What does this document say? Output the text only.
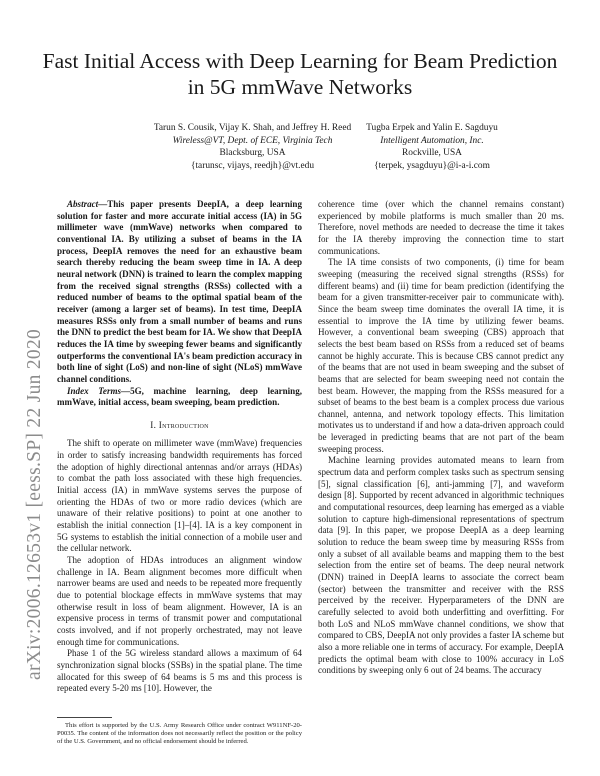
Fast Initial Access with Deep Learning for Beam Prediction in 5G mmWave Networks
Tarun S. Cousik, Vijay K. Shah, and Jeffrey H. Reed
Wireless@VT, Dept. of ECE, Virginia Tech
Blacksburg, USA
{tarunsc, vijays, reedjh}@vt.edu
Tugba Erpek and Yalin E. Sagduyu
Intelligent Automation, Inc.
Rockville, USA
{terpek, ysagduyu}@i-a-i.com
arXiv:2006.12653v1 [eess.SP] 22 Jun 2020

Abstract—This paper presents DeepIA, a deep learning solution for faster and more accurate initial access (IA) in 5G millimeter wave (mmWave) networks when compared to conventional IA. By utilizing a subset of beams in the IA process, DeepIA removes the need for an exhaustive beam search thereby reducing the beam sweep time in IA. A deep neural network (DNN) is trained to learn the complex mapping from the received signal strengths (RSSs) collected with a reduced number of beams to the optimal spatial beam of the receiver (among a larger set of beams). In test time, DeepIA measures RSSs only from a small number of beams and runs the DNN to predict the best beam for IA. We show that DeepIA reduces the IA time by sweeping fewer beams and significantly outperforms the conventional IA's beam prediction accuracy in both line of sight (LoS) and non-line of sight (NLoS) mmWave channel conditions.

Index Terms—5G, machine learning, deep learning, mmWave, initial access, beam sweeping, beam prediction.

I. Introduction

The shift to operate on millimeter wave (mmWave) frequencies in order to satisfy increasing bandwidth requirements has forced the adoption of highly directional antennas and/or arrays (HDAs) to combat the path loss associated with these high frequencies. Initial access (IA) in mmWave systems serves the purpose of orienting the HDAs of two or more radio devices (which are unaware of their relative positions) to point at one another to establish the initial connection [1]–[4]. IA is a key component in 5G systems to establish the initial connection of a mobile user and the cellular network.

The adoption of HDAs introduces an alignment window challenge in IA. Beam alignment becomes more difficult when narrower beams are used and needs to be repeated more frequently due to potential blockage effects in mmWave systems that may otherwise result in loss of beam alignment. However, IA is an expensive process in terms of transmit power and computational costs involved, and if not properly orchestrated, may not leave enough time for communications.

Phase 1 of the 5G wireless standard allows a maximum of 64 synchronization signal blocks (SSBs) in the spatial plane. The time allocated for this sweep of 64 beams is 5 ms and this process is repeated every 5-20 ms [10]. However, the

This effort is supported by the U.S. Army Research Office under contract W911NF-20-P0035. The content of the information does not necessarily reflect the position or the policy of the U.S. Government, and no official endorsement should be inferred.

coherence time (over which the channel remains constant) experienced by mobile platforms is much smaller than 20 ms. Therefore, novel methods are needed to decrease the time it takes for the IA thereby improving the connection time to start communications.

The IA time consists of two components, (i) time for beam sweeping (measuring the received signal strengths (RSSs) for different beams) and (ii) time for beam prediction (identifying the beam for a given transmitter-receiver pair to communicate with). Since the beam sweep time dominates the overall IA time, it is essential to improve the IA time by utilizing fewer beams. However, a conventional beam sweeping (CBS) approach that selects the best beam based on RSSs from a reduced set of beams cannot be highly accurate. This is because CBS cannot predict any of the beams that are not used in beam sweeping and the subset of beams that are selected for beam sweeping need not contain the best beam. However, the mapping from the RSSs measured for a subset of beams to the best beam is a complex process due various channel, antenna, and network topology effects. This limitation motivates us to understand if and how a data-driven approach could be leveraged in predicting beams that are not part of the beam sweeping process.

Machine learning provides automated means to learn from spectrum data and perform complex tasks such as spectrum sensing [5], signal classification [6], anti-jamming [7], and waveform design [8]. Supported by recent advanced in algorithmic techniques and computational resources, deep learning has emerged as a viable solution to capture high-dimensional representations of spectrum data [9]. In this paper, we propose DeepIA as a deep learning solution to reduce the beam sweep time by measuring RSSs from only a subset of all available beams and mapping them to the best selection from the entire set of beams. The deep neural network (DNN) trained in DeepIA learns to associate the correct beam (sector) between the transmitter and receiver with the RSS perceived by the receiver. Hyperparameters of the DNN are carefully selected to avoid both underfitting and overfitting. For both LoS and NLoS mmWave channel conditions, we show that compared to CBS, DeepIA not only provides a faster IA scheme but also a more reliable one in terms of accuracy. For example, DeepIA predicts the optimal beam with close to 100% accuracy in LoS conditions by sweeping only 6 out of 24 beams. The accuracy
